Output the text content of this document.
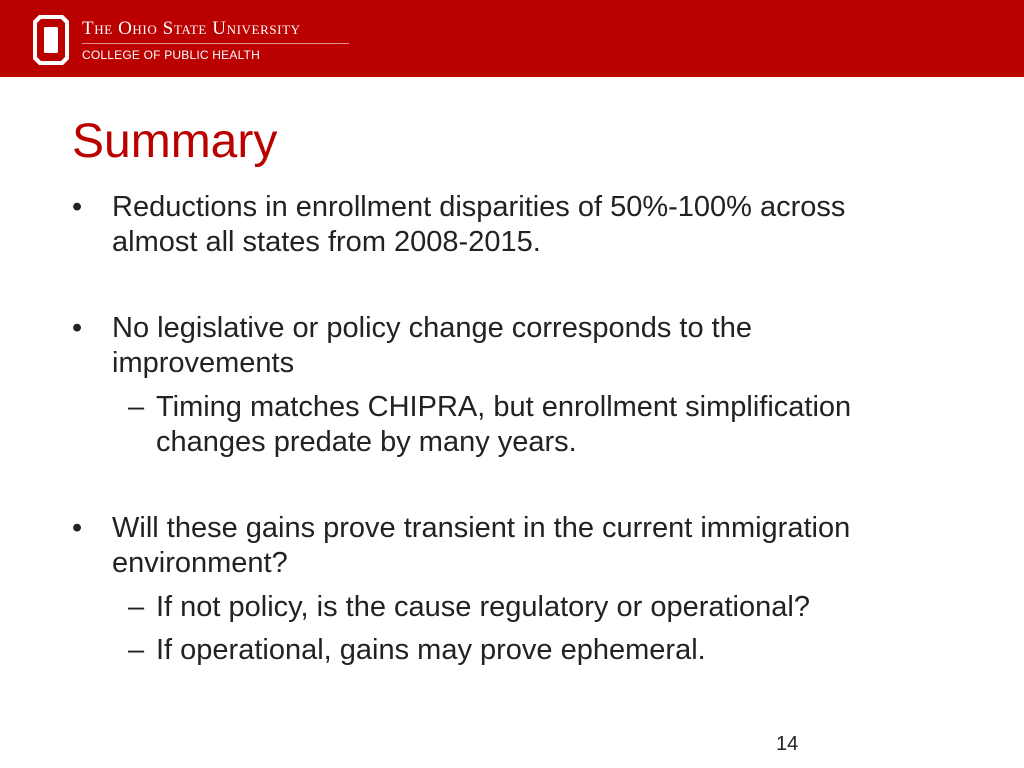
The Ohio State University
COLLEGE OF PUBLIC HEALTH
Summary
• Reductions in enrollment disparities of 50%-100% across
almost all states from 2008-2015.
• No legislative or policy change corresponds to the
improvements
– Timing matches CHIPRA, but enrollment simplification
changes predate by many years.
• Will these gains prove transient in the current immigration
environment?
– If not policy, is the cause regulatory or operational?
– If operational, gains may prove ephemeral.
14
